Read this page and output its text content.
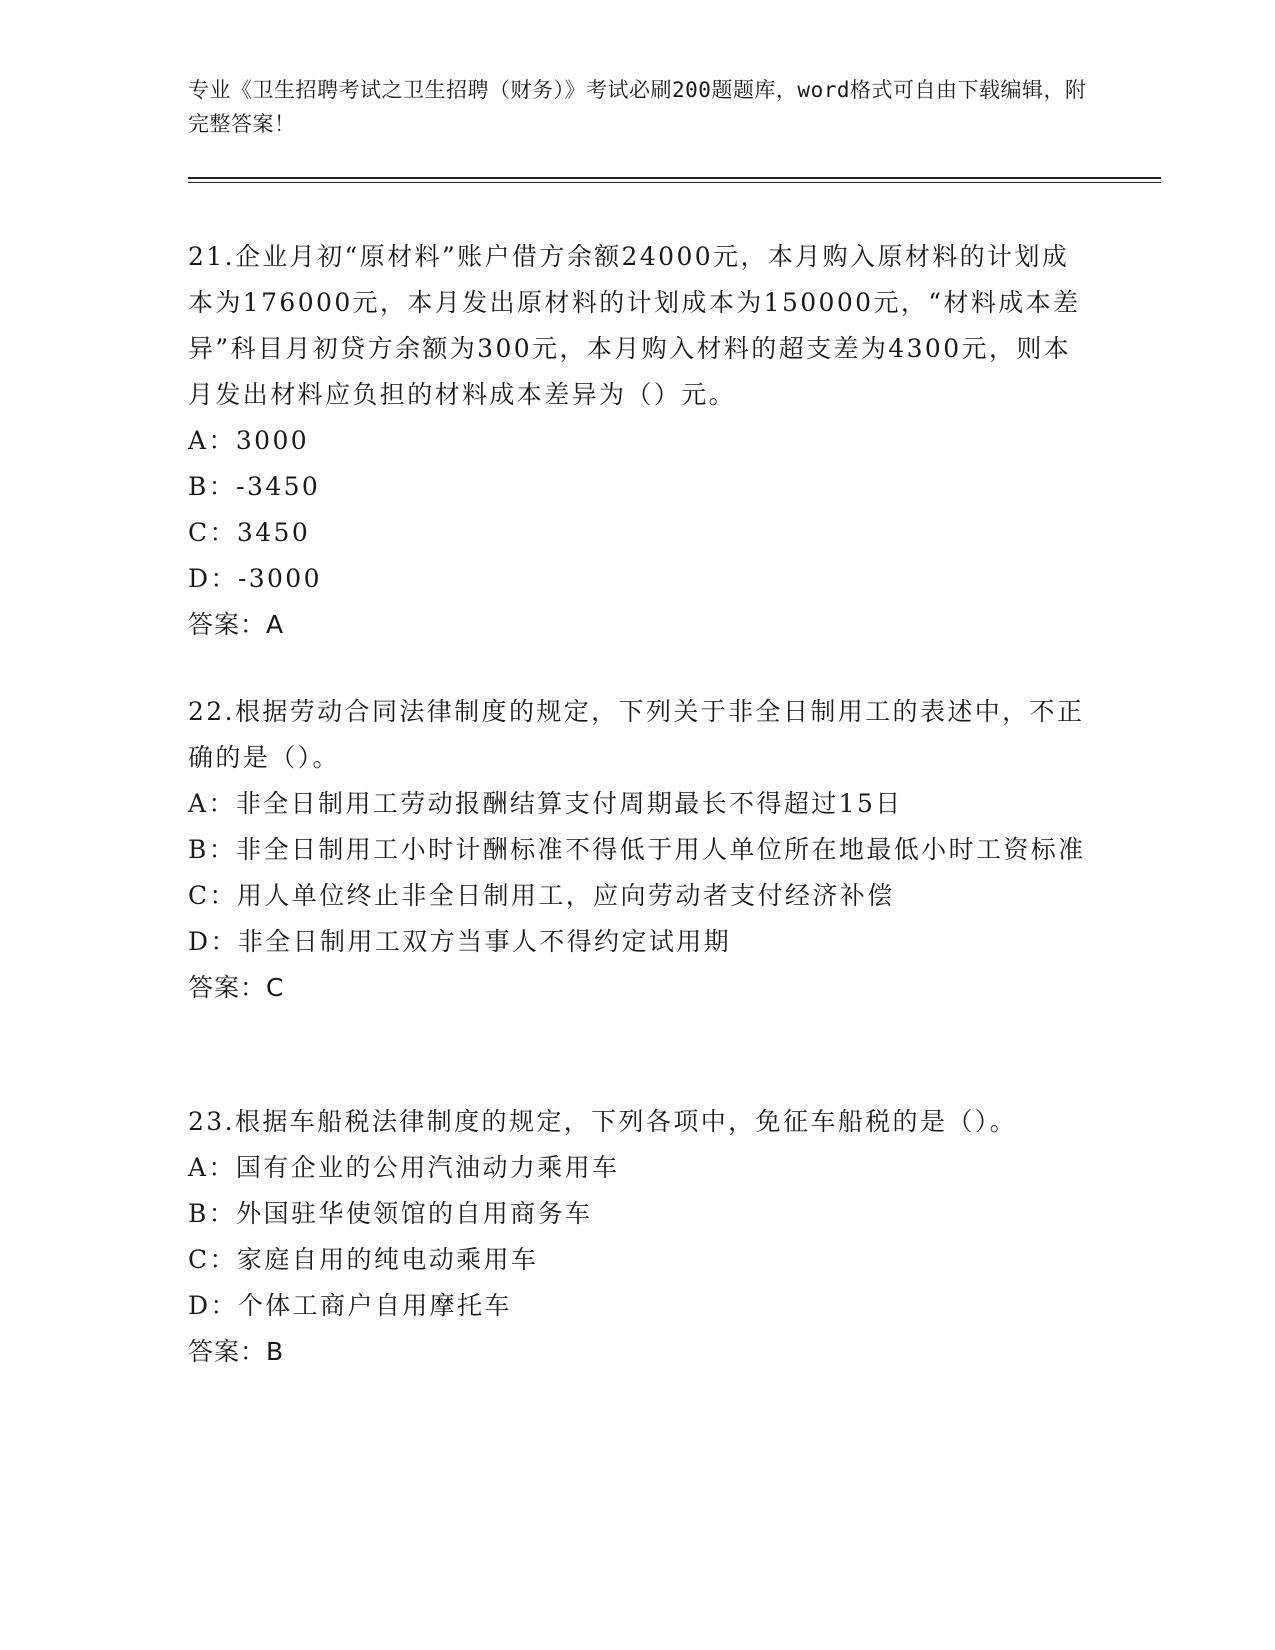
专业《卫生招聘考试之卫生招聘（财务）》考试必刷200题题库，word格式可自由下载编辑，附完整答案！

21.企业月初“原材料”账户借方余额24000元，本月购入原材料的计划成本为176000元，本月发出原材料的计划成本为150000元，“材料成本差异”科目月初贷方余额为300元，本月购入材料的超支差为4300元，则本月发出材料应负担的材料成本差异为（）元。

A：3000

B：-3450

C：3450

D：-3000

答案：A

22.根据劳动合同法律制度的规定，下列关于非全日制用工的表述中，不正确的是（）。

A：非全日制用工劳动报酬结算支付周期最长不得超过15日

B：非全日制用工小时计酬标准不得低于用人单位所在地最低小时工资标准

C：用人单位终止非全日制用工，应向劳动者支付经济补偿

D：非全日制用工双方当事人不得约定试用期

答案：C

23.根据车船税法律制度的规定，下列各项中，免征车船税的是（）。

A：国有企业的公用汽油动力乘用车

B：外国驻华使领馆的自用商务车

C：家庭自用的纯电动乘用车

D：个体工商户自用摩托车

答案：B
